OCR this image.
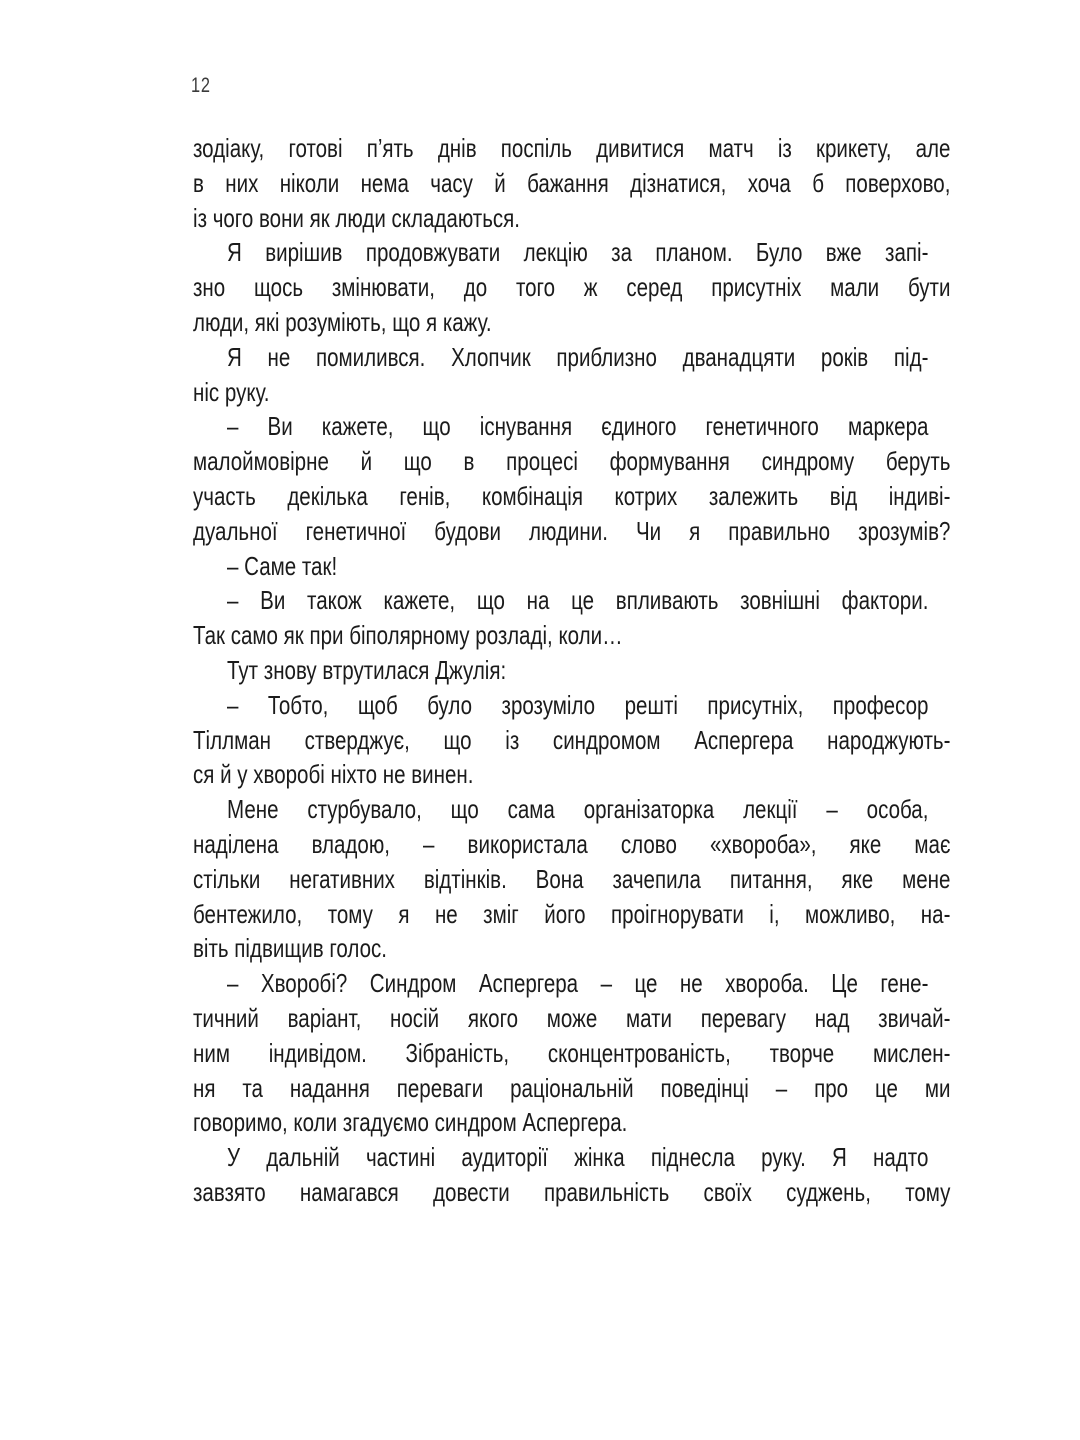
12
зодіаку, готові п’ять днів поспіль дивитися матч із крикету, але
в них ніколи нема часу й бажання дізнатися, хоча б поверхово,
із чого вони як люди складаються.
Я вирішив продовжувати лекцію за планом. Було вже запі-
зно щось змінювати, до того ж серед присутніх мали бути
люди, які розуміють, що я кажу.
Я не помилився. Хлопчик приблизно дванадцяти років під-
ніс руку.
– Ви кажете, що існування єдиного генетичного маркера
малоймовірне й що в процесі формування синдрому беруть
участь декілька генів, комбінація котрих залежить від індиві-
дуальної генетичної будови людини. Чи я правильно зрозумів?
– Саме так!
– Ви також кажете, що на це впливають зовнішні фактори.
Так само як при біполярному розладі, коли…
Тут знову втрутилася Джулія:
– Тобто, щоб було зрозуміло решті присутніх, професор
Тіллман стверджує, що із синдромом Аспергера народжують-
ся й у хворобі ніхто не винен.
Мене стурбувало, що сама організаторка лекції – особа,
наділена владою, – використала слово «хвороба», яке має
стільки негативних відтінків. Вона зачепила питання, яке мене
бентежило, тому я не зміг його проігнорувати і, можливо, на-
віть підвищив голос.
– Хворобі? Синдром Аспергера – це не хвороба. Це гене-
тичний варіант, носій якого може мати перевагу над звичай-
ним індивідом. Зібраність, сконцентрованість, творче мислен-
ня та надання переваги раціональній поведінці – про це ми
говоримо, коли згадуємо синдром Аспергера.
У дальній частині аудиторії жінка піднесла руку. Я надто
завзято намагався довести правильність своїх суджень, тому
